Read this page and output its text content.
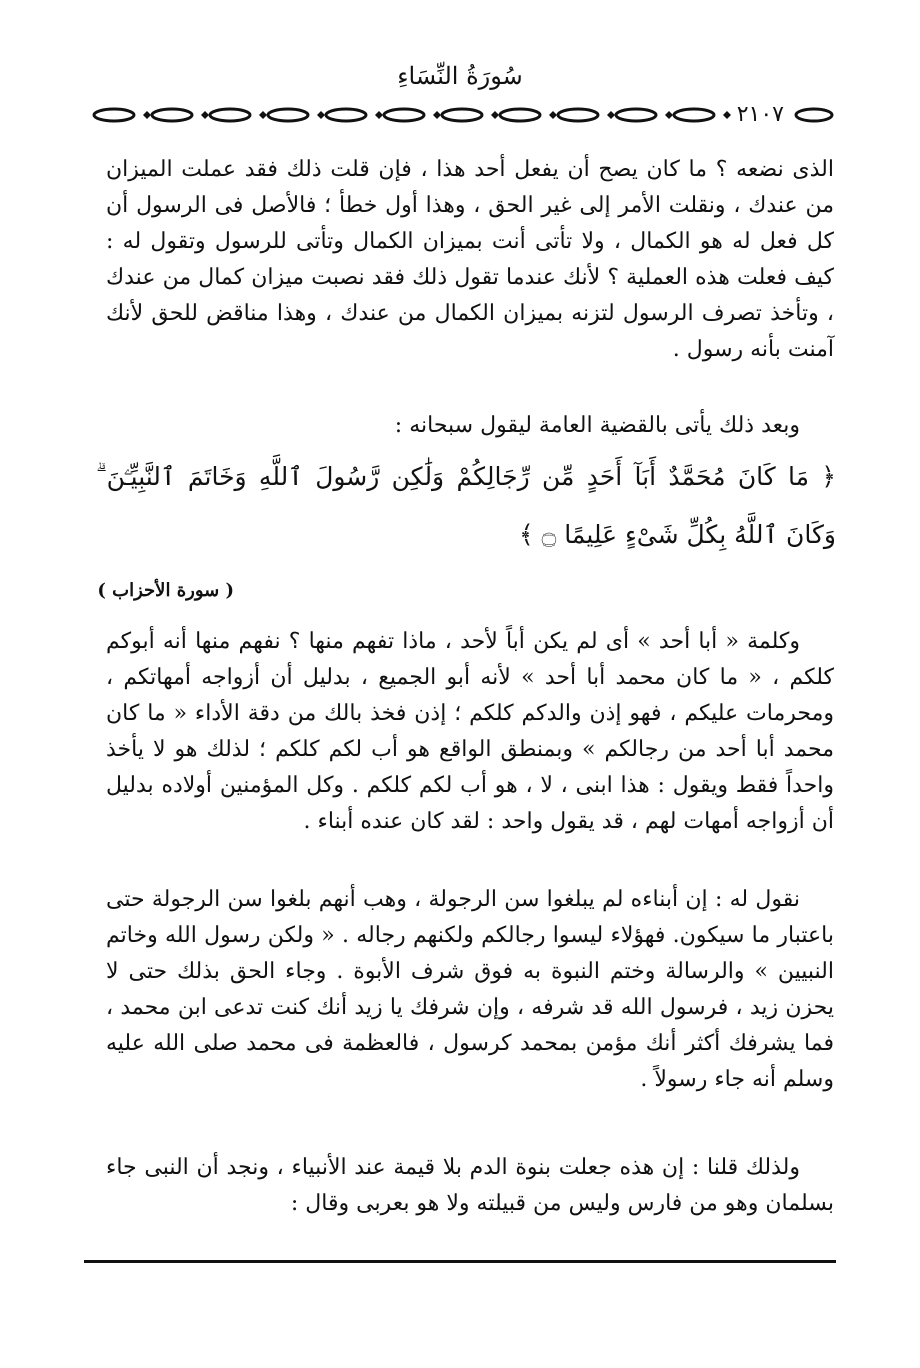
سُورَةُ النِّسَاءِ
٢١٠٧

الذى نضعه ؟ ما كان يصح أن يفعل أحد هذا ، فإن قلت ذلك فقد عملت الميزان من عندك ، ونقلت الأمر إلى غير الحق ، وهذا أول خطأ ؛ فالأصل فى الرسول أن كل فعل له هو الكمال ، ولا تأتى أنت بميزان الكمال وتأتى للرسول وتقول له : كيف فعلت هذه العملية ؟ لأنك عندما تقول ذلك فقد نصبت ميزان كمال من عندك ، وتأخذ تصرف الرسول لتزنه بميزان الكمال من عندك ، وهذا مناقض للحق لأنك آمنت بأنه رسول .

وبعد ذلك يأتى بالقضية العامة ليقول سبحانه :

﴿ مَا كَانَ مُحَمَّدٌ أَبَآ أَحَدٍ مِّن رِّجَالِكُمْ وَلَٰكِن رَّسُولَ ٱللَّهِ وَخَاتَمَ ٱلنَّبِيِّـۧنَ ۗ وَكَانَ ٱللَّهُ بِكُلِّ شَىْءٍ عَلِيمًا ۝ ﴾
( سورة الأحزاب )

وكلمة « أبا أحد » أى لم يكن أباً لأحد ، ماذا تفهم منها ؟ نفهم منها أنه أبوكم كلكم ، « ما كان محمد أبا أحد » لأنه أبو الجميع ، بدليل أن أزواجه أمهاتكم ، ومحرمات عليكم ، فهو إذن والدكم كلكم ؛ إذن فخذ بالك من دقة الأداء « ما كان محمد أبا أحد من رجالكم » وبمنطق الواقع هو أب لكم كلكم ؛ لذلك هو لا يأخذ واحداً فقط ويقول : هذا ابنى ، لا ، هو أب لكم كلكم . وكل المؤمنين أولاده بدليل أن أزواجه أمهات لهم ، قد يقول واحد : لقد كان عنده أبناء .

نقول له : إن أبناءه لم يبلغوا سن الرجولة ، وهب أنهم بلغوا سن الرجولة حتى باعتبار ما سيكون. فهؤلاء ليسوا رجالكم ولكنهم رجاله . « ولكن رسول الله وخاتم النبيين » والرسالة وختم النبوة به فوق شرف الأبوة . وجاء الحق بذلك حتى لا يحزن زيد ، فرسول الله قد شرفه ، وإن شرفك يا زيد أنك كنت تدعى ابن محمد ، فما يشرفك أكثر أنك مؤمن بمحمد كرسول ، فالعظمة فى محمد صلى الله عليه وسلم أنه جاء رسولاً .

ولذلك قلنا : إن هذه جعلت بنوة الدم بلا قيمة عند الأنبياء ، ونجد أن النبى جاء بسلمان وهو من فارس وليس من قبيلته ولا هو بعربى وقال :
